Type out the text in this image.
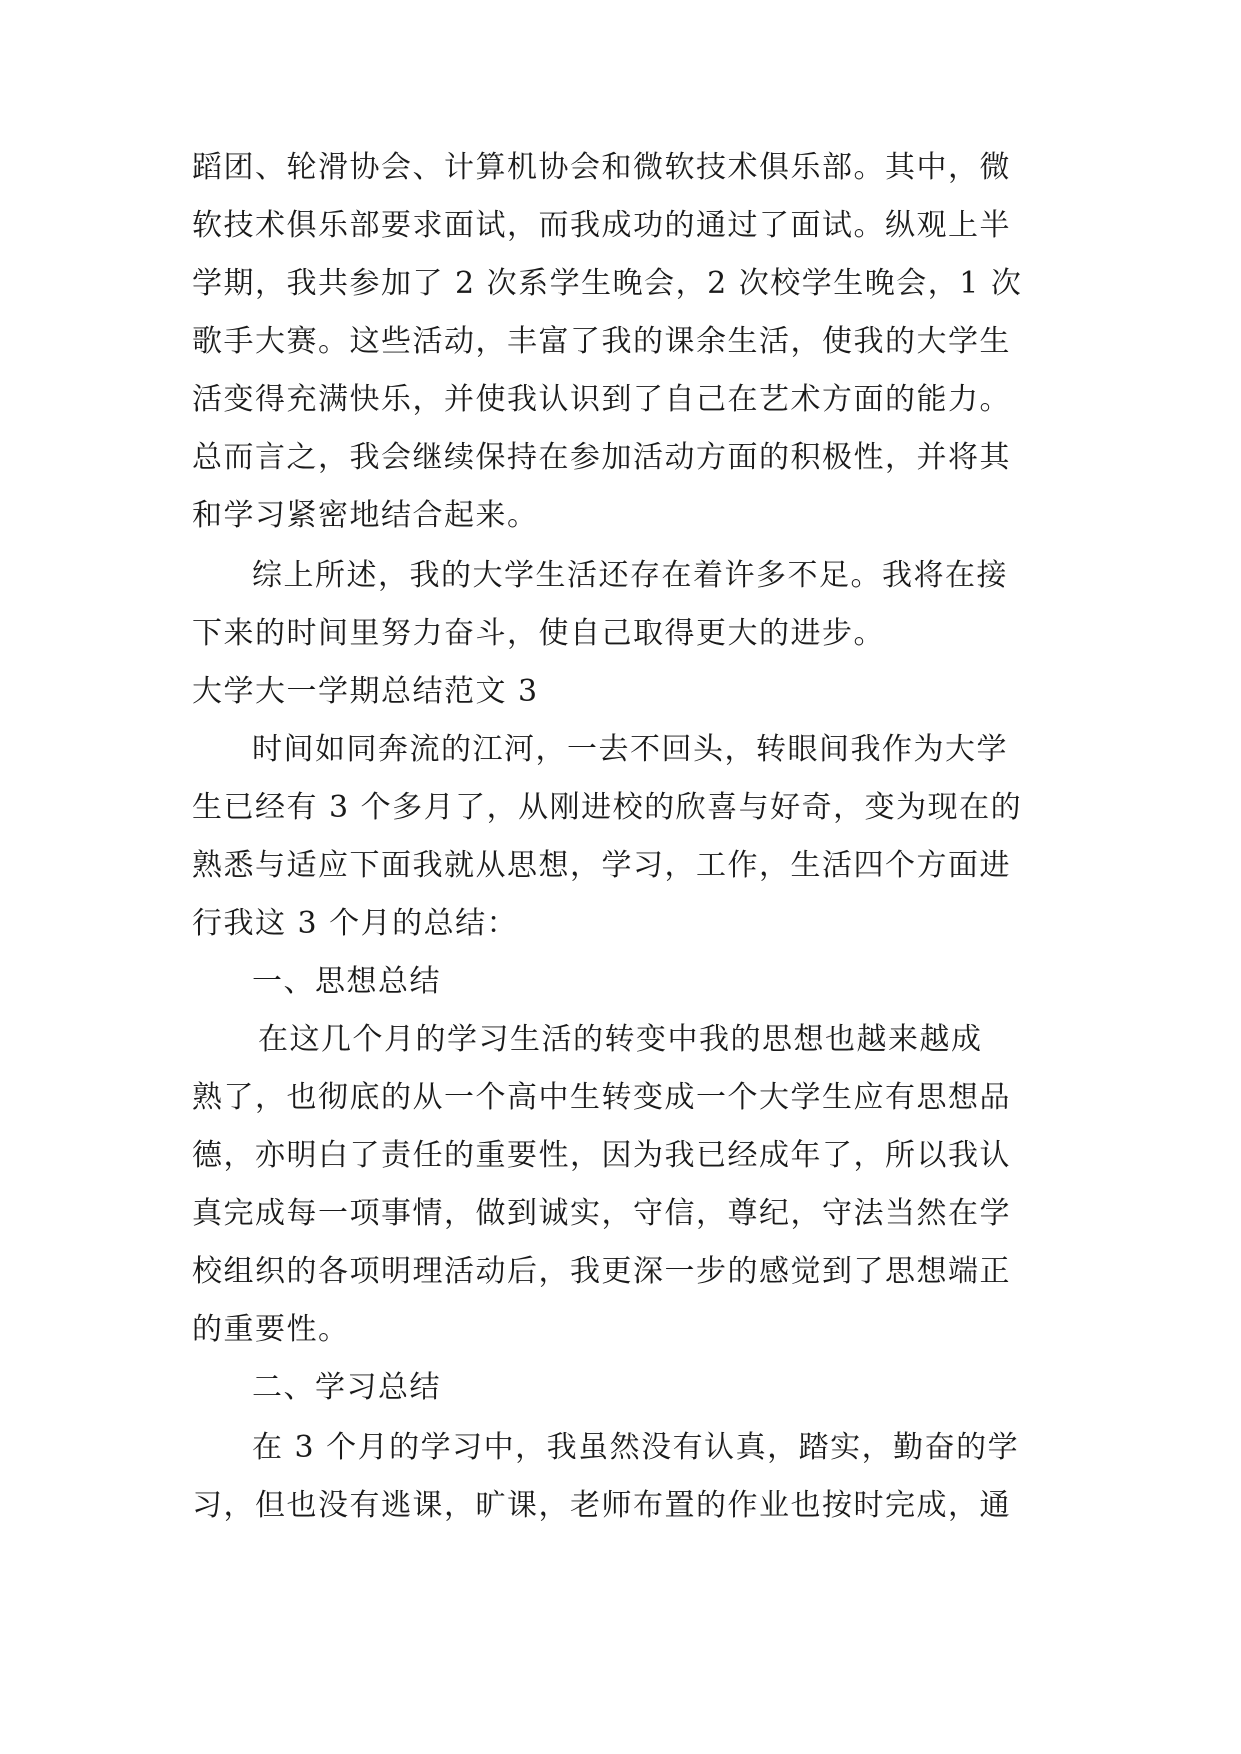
蹈团、轮滑协会、计算机协会和微软技术俱乐部。其中，微
软技术俱乐部要求面试，而我成功的通过了面试。纵观上半
学期，我共参加了 2 次系学生晚会，2 次校学生晚会，1 次
歌手大赛。这些活动，丰富了我的课余生活，使我的大学生
活变得充满快乐，并使我认识到了自己在艺术方面的能力。
总而言之，我会继续保持在参加活动方面的积极性，并将其
和学习紧密地结合起来。
综上所述，我的大学生活还存在着许多不足。我将在接
下来的时间里努力奋斗，使自己取得更大的进步。
大学大一学期总结范文 3
时间如同奔流的江河，一去不回头，转眼间我作为大学
生已经有 3 个多月了，从刚进校的欣喜与好奇，变为现在的
熟悉与适应下面我就从思想，学习，工作，生活四个方面进
行我这 3 个月的总结：
一、思想总结
在这几个月的学习生活的转变中我的思想也越来越成
熟了，也彻底的从一个高中生转变成一个大学生应有思想品
德，亦明白了责任的重要性，因为我已经成年了，所以我认
真完成每一项事情，做到诚实，守信，尊纪，守法当然在学
校组织的各项明理活动后，我更深一步的感觉到了思想端正
的重要性。
二、学习总结
在 3 个月的学习中，我虽然没有认真，踏实，勤奋的学
习，但也没有逃课，旷课，老师布置的作业也按时完成，通
